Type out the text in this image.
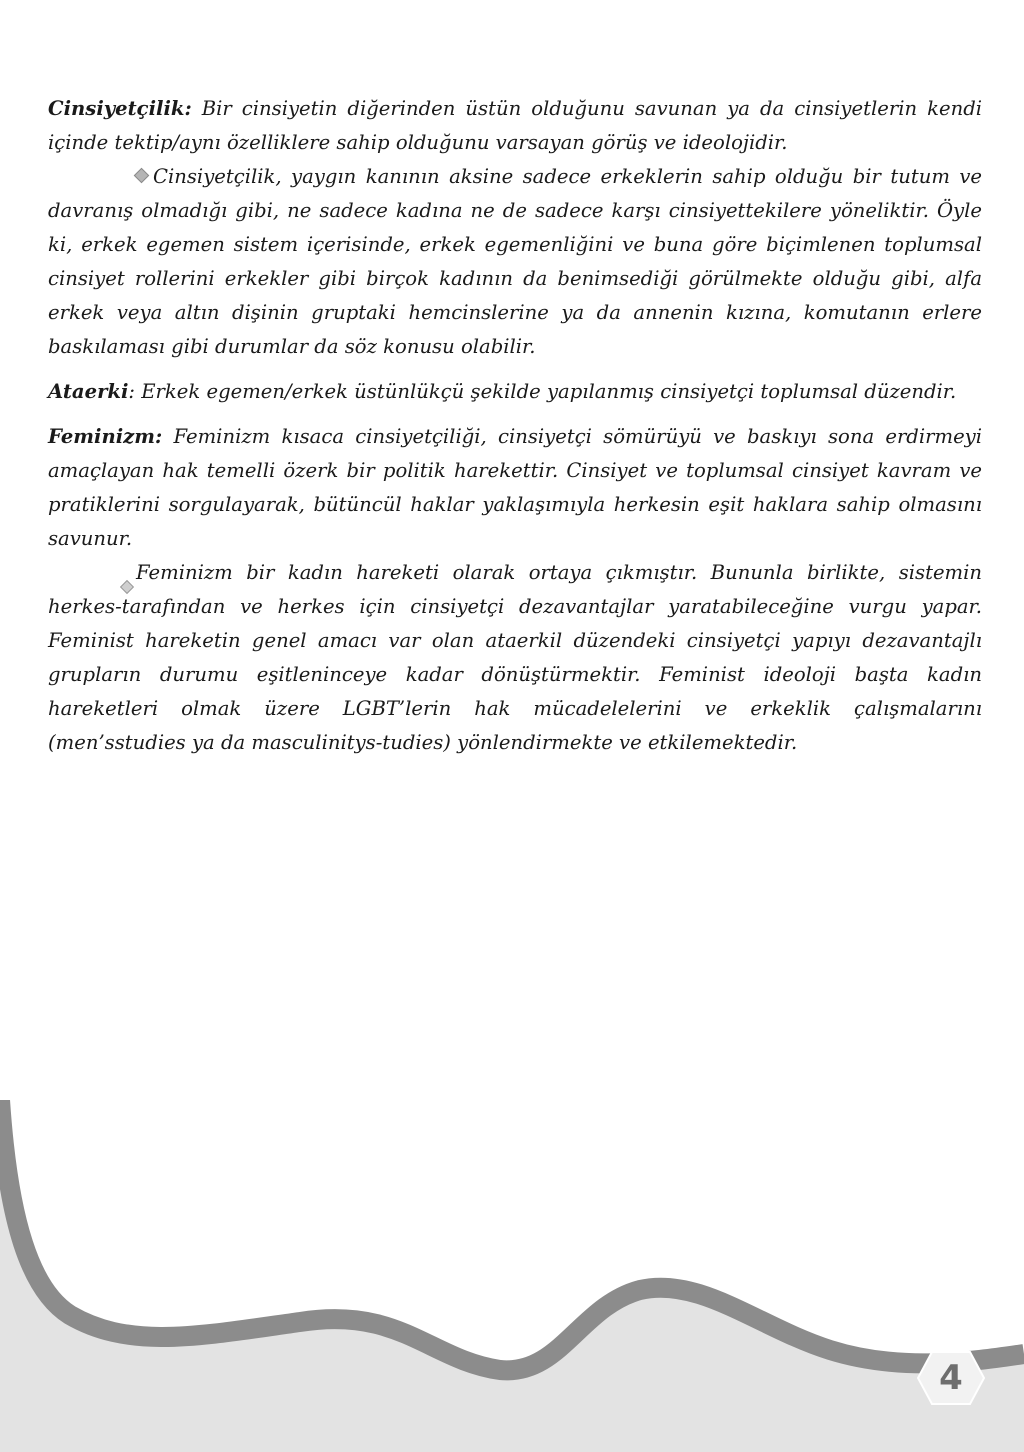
Cinsiyetçilik: Bir cinsiyetin diğerinden üstün olduğunu savunan ya da cinsiyetlerin kendi içinde tektip/aynı özelliklere sahip olduğunu varsayan görüş ve ideolojidir.

Cinsiyetçilik, yaygın kanının aksine sadece erkeklerin sahip olduğu bir tutum ve davranış olmadığı gibi, ne sadece kadına ne de sadece karşı cinsiyettekilere yöneliktir. Öyle ki, erkek egemen sistem içerisinde, erkek egemenliğini ve buna göre biçimlenen toplumsal cinsiyet rollerini erkekler gibi birçok kadının da benimsediği görülmekte olduğu gibi, alfa erkek veya altın dişinin gruptaki hemcinslerine ya da annenin kızına, komutanın erlere baskılaması gibi durumlar da söz konusu olabilir.

Ataerki: Erkek egemen/erkek üstünlükçü şekilde yapılanmış cinsiyetçi toplumsal düzendir.

Feminizm: Feminizm kısaca cinsiyetçiliği, cinsiyetçi sömürüyü ve baskıyı sona erdirmeyi amaçlayan hak temelli özerk bir politik harekettir. Cinsiyet ve toplumsal cinsiyet kavram ve pratiklerini sorgulayarak, bütüncül haklar yaklaşımıyla herkesin eşit haklara sahip olmasını savunur.

Feminizm bir kadın hareketi olarak ortaya çıkmıştır. Bununla birlikte, sistemin herkes-tarafından ve herkes için cinsiyetçi dezavantajlar yaratabileceğine vurgu yapar. Feminist hareketin genel amacı var olan ataerkil düzendeki cinsiyetçi yapıyı dezavantajlı grupların durumu eşitleninceye kadar dönüştürmektir. Feminist ideoloji başta kadın hareketleri olmak üzere LGBT’lerin hak mücadelelerini ve erkeklik çalışmalarını (men’sstudies ya da masculinitys-tudies) yönlendirmekte ve etkilemektedir.

4
